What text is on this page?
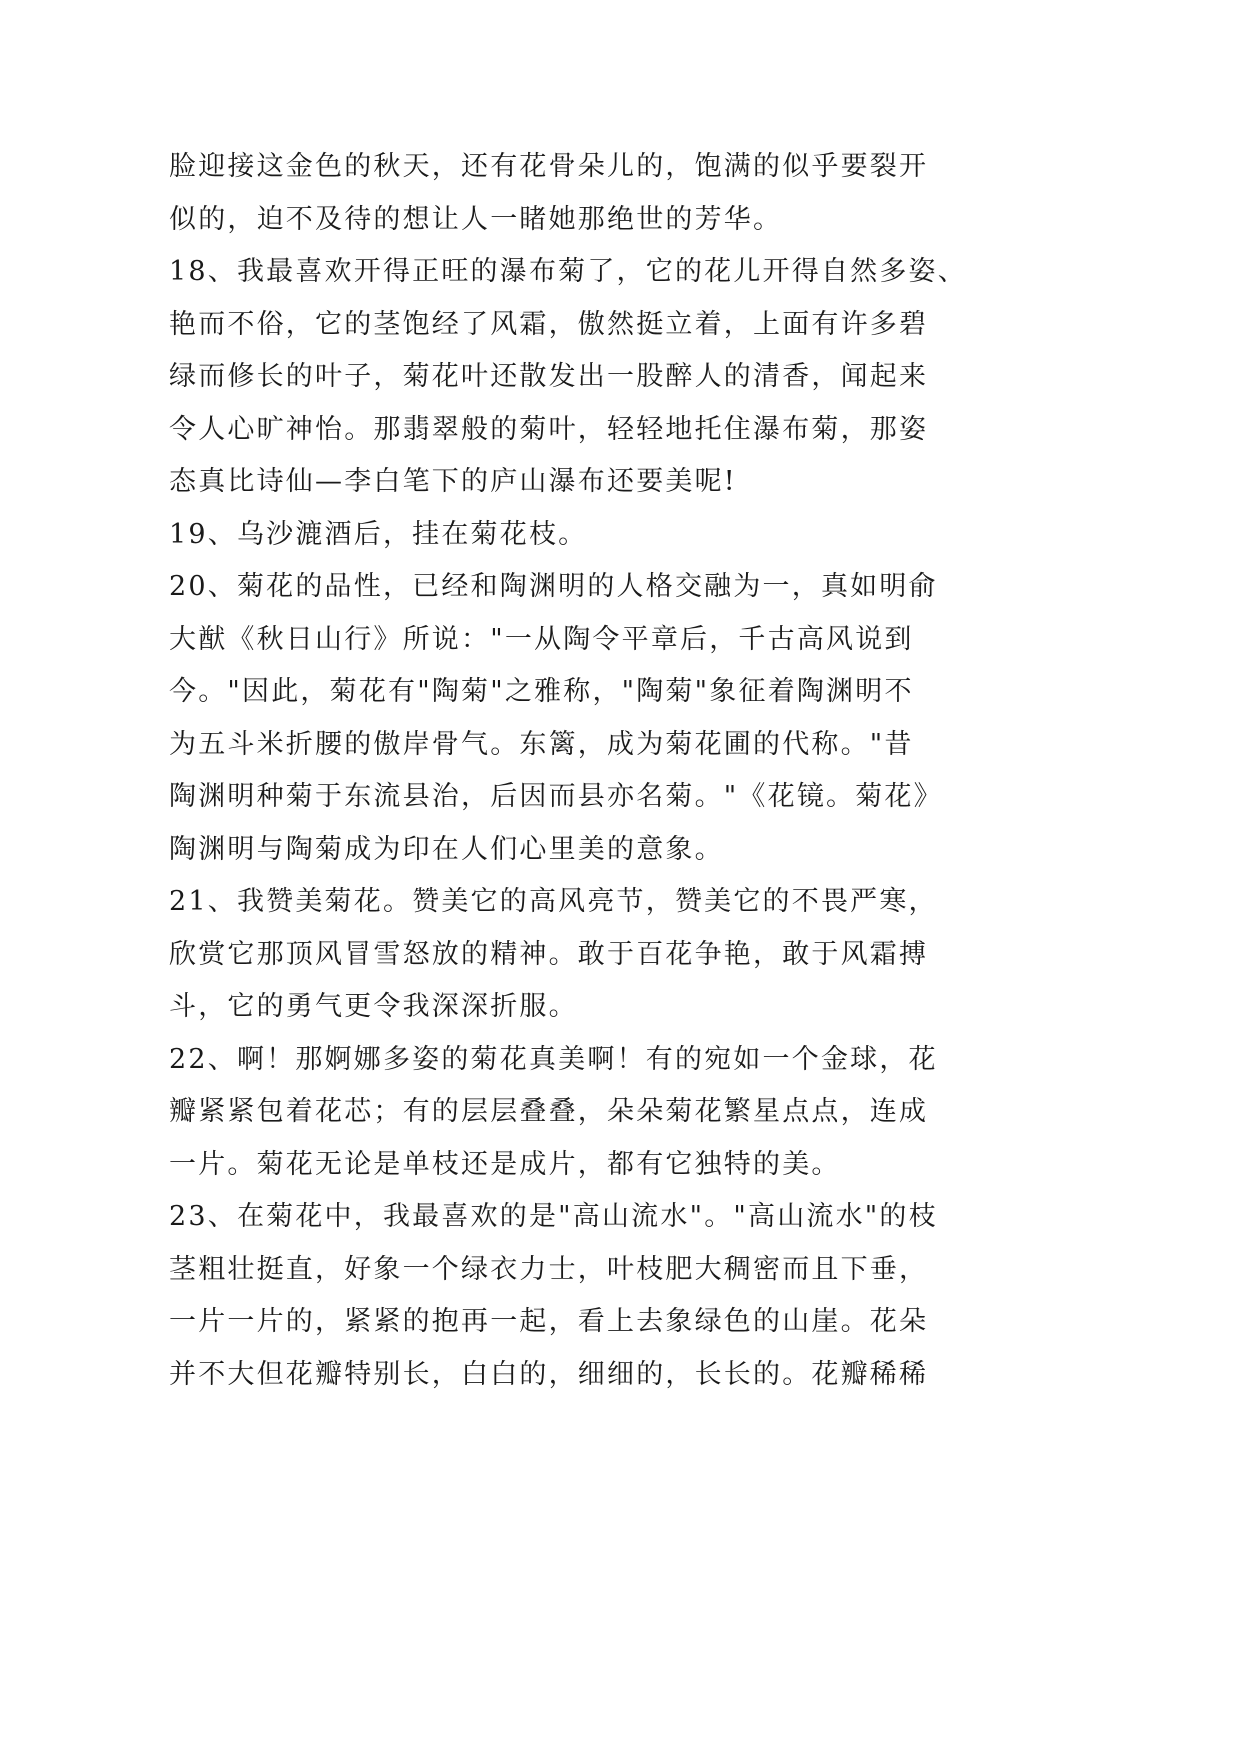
脸迎接这金色的秋天，还有花骨朵儿的，饱满的似乎要裂开
似的，迫不及待的想让人一睹她那绝世的芳华。
18、我最喜欢开得正旺的瀑布菊了，它的花儿开得自然多姿、
艳而不俗，它的茎饱经了风霜，傲然挺立着，上面有许多碧
绿而修长的叶子，菊花叶还散发出一股醉人的清香，闻起来
令人心旷神怡。那翡翠般的菊叶，轻轻地托住瀑布菊，那姿
态真比诗仙—李白笔下的庐山瀑布还要美呢!
19、乌沙漉酒后，挂在菊花枝。
20、菊花的品性，已经和陶渊明的人格交融为一，真如明俞
大猷《秋日山行》所说："一从陶令平章后，千古高风说到
今。"因此，菊花有"陶菊"之雅称，"陶菊"象征着陶渊明不
为五斗米折腰的傲岸骨气。东篱，成为菊花圃的代称。"昔
陶渊明种菊于东流县治，后因而县亦名菊。"《花镜。菊花》
陶渊明与陶菊成为印在人们心里美的意象。
21、我赞美菊花。赞美它的高风亮节，赞美它的不畏严寒，
欣赏它那顶风冒雪怒放的精神。敢于百花争艳，敢于风霜搏
斗，它的勇气更令我深深折服。
22、啊！那婀娜多姿的菊花真美啊！有的宛如一个金球，花
瓣紧紧包着花芯；有的层层叠叠，朵朵菊花繁星点点，连成
一片。菊花无论是单枝还是成片，都有它独特的美。
23、在菊花中，我最喜欢的是"高山流水"。"高山流水"的枝
茎粗壮挺直，好象一个绿衣力士，叶枝肥大稠密而且下垂，
一片一片的，紧紧的抱再一起，看上去象绿色的山崖。花朵
并不大但花瓣特别长，白白的，细细的，长长的。花瓣稀稀
